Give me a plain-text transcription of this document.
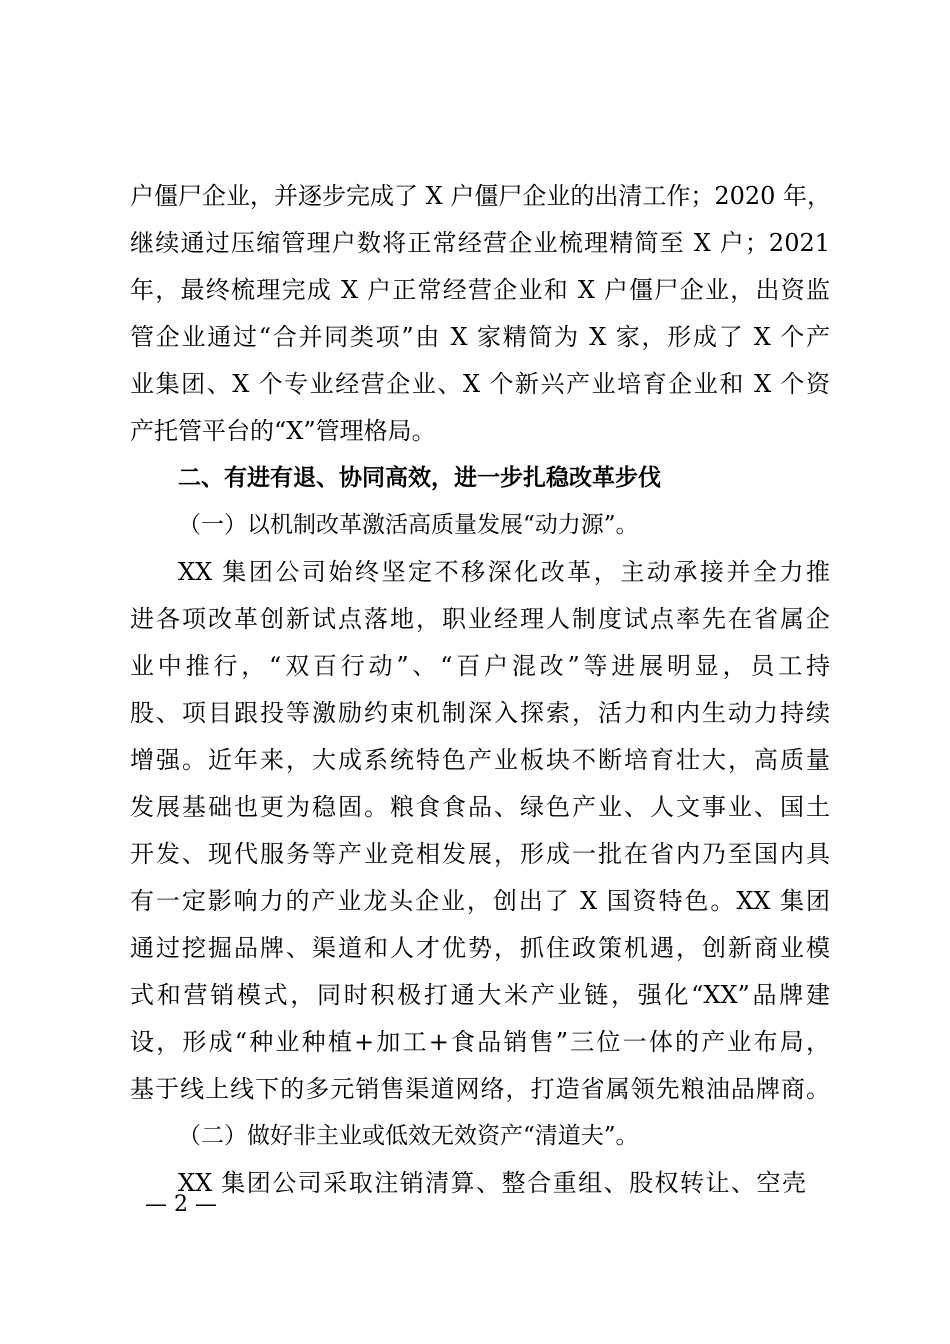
户僵尸企业，并逐步完成了 X 户僵尸企业的出清工作；2020 年，
继续通过压缩管理户数将正常经营企业梳理精简至 X 户；2021
年，最终梳理完成 X 户正常经营企业和 X 户僵尸企业，出资监
管企业通过“合并同类项”由 X 家精简为 X 家，形成了 X 个产
业集团、X 个专业经营企业、X 个新兴产业培育企业和 X 个资
产托管平台的“X”管理格局。
二、有进有退、协同高效，进一步扎稳改革步伐
（一）以机制改革激活高质量发展“动力源”。
XX 集团公司始终坚定不移深化改革，主动承接并全力推
进各项改革创新试点落地，职业经理人制度试点率先在省属企
业中推行，“双百行动”、“百户混改”等进展明显，员工持
股、项目跟投等激励约束机制深入探索，活力和内生动力持续
增强。近年来，大成系统特色产业板块不断培育壮大，高质量
发展基础也更为稳固。粮食食品、绿色产业、人文事业、国土
开发、现代服务等产业竞相发展，形成一批在省内乃至国内具
有一定影响力的产业龙头企业，创出了 X 国资特色。XX 集团
通过挖掘品牌、渠道和人才优势，抓住政策机遇，创新商业模
式和营销模式，同时积极打通大米产业链，强化“XX”品牌建
设，形成“种业种植+加工+食品销售”三位一体的产业布局，
基于线上线下的多元销售渠道网络，打造省属领先粮油品牌商。
（二）做好非主业或低效无效资产“清道夫”。
XX 集团公司采取注销清算、整合重组、股权转让、空壳
— 2 —
